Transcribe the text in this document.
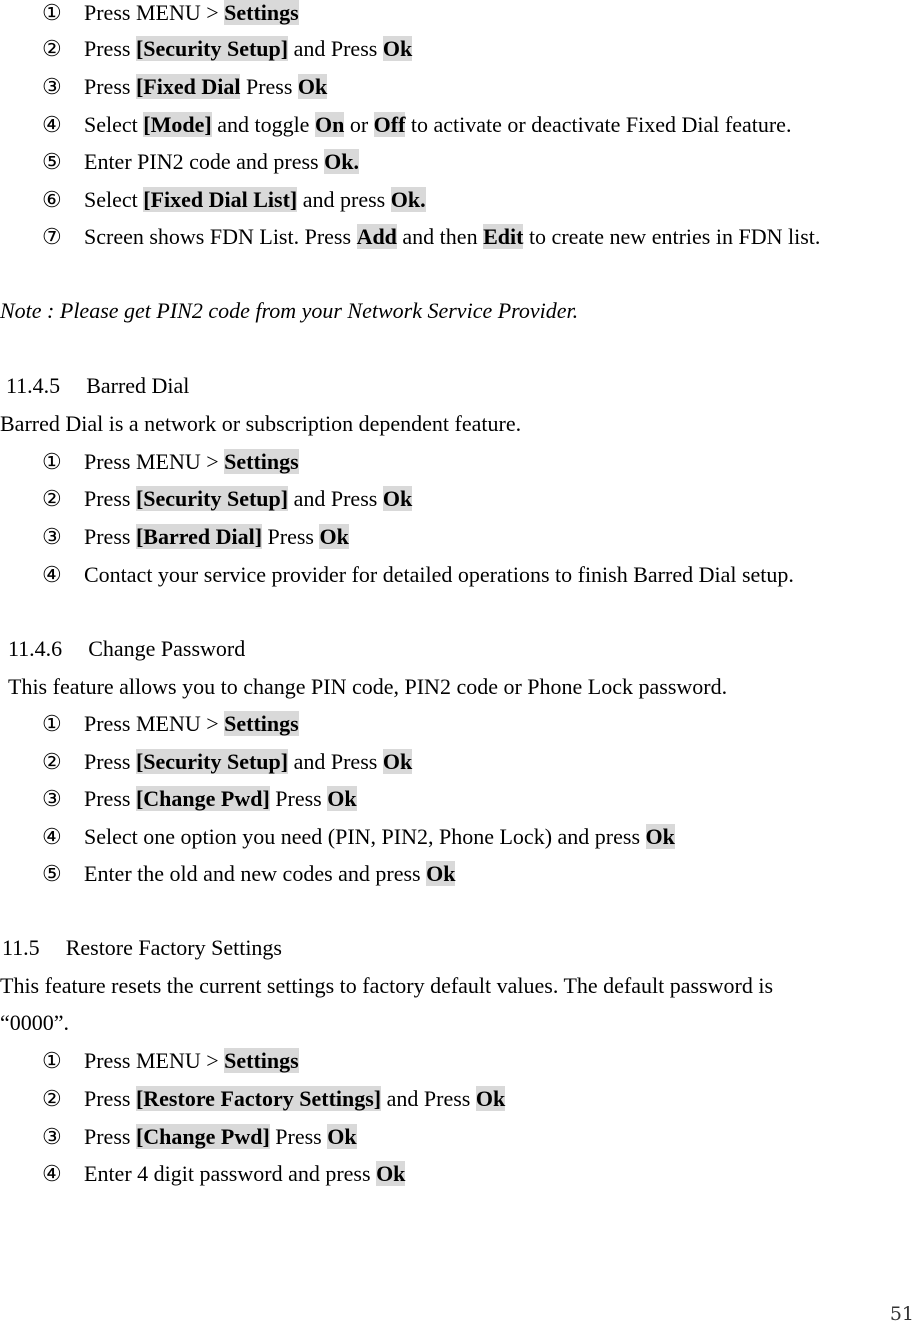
① Press MENU > Settings
② Press [Security Setup] and Press Ok
③ Press [Fixed Dial Press Ok
④ Select [Mode] and toggle On or Off to activate or deactivate Fixed Dial feature.
⑤ Enter PIN2 code and press Ok.
⑥ Select [Fixed Dial List] and press Ok.
⑦ Screen shows FDN List. Press Add and then Edit to create new entries in FDN list.
Note : Please get PIN2 code from your Network Service Provider.
11.4.5 Barred Dial
Barred Dial is a network or subscription dependent feature.
① Press MENU > Settings
② Press [Security Setup] and Press Ok
③ Press [Barred Dial] Press Ok
④ Contact your service provider for detailed operations to finish Barred Dial setup.
11.4.6 Change Password
This feature allows you to change PIN code, PIN2 code or Phone Lock password.
① Press MENU > Settings
② Press [Security Setup] and Press Ok
③ Press [Change Pwd] Press Ok
④ Select one option you need (PIN, PIN2, Phone Lock) and press Ok
⑤ Enter the old and new codes and press Ok
11.5 Restore Factory Settings
This feature resets the current settings to factory default values. The default password is
“0000”.
① Press MENU > Settings
② Press [Restore Factory Settings] and Press Ok
③ Press [Change Pwd] Press Ok
④ Enter 4 digit password and press Ok
51
